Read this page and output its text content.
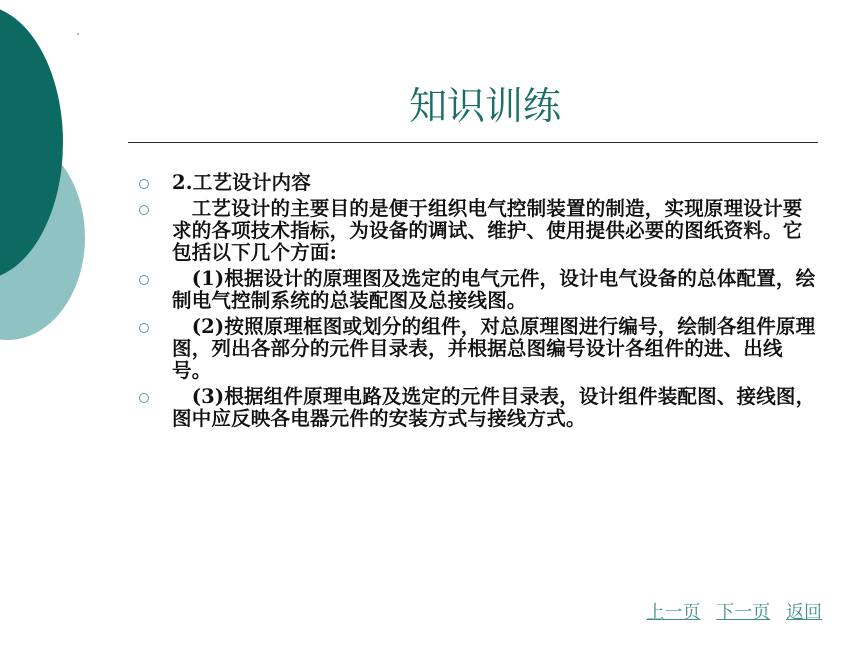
知识训练
2.工艺设计内容
　工艺设计的主要目的是便于组织电气控制装置的制造，实现原理设计要求的各项技术指标，为设备的调试、维护、使用提供必要的图纸资料。它包括以下几个方面:
　(1)根据设计的原理图及选定的电气元件，设计电气设备的总体配置，绘制电气控制系统的总装配图及总接线图。
　(2)按照原理框图或划分的组件，对总原理图进行编号，绘制各组件原理图，列出各部分的元件目录表，并根据总图编号设计各组件的进、出线号。
　(3)根据组件原理电路及选定的元件目录表，设计组件装配图、接线图，图中应反映各电器元件的安装方式与接线方式。
上一页 下一页 返回
